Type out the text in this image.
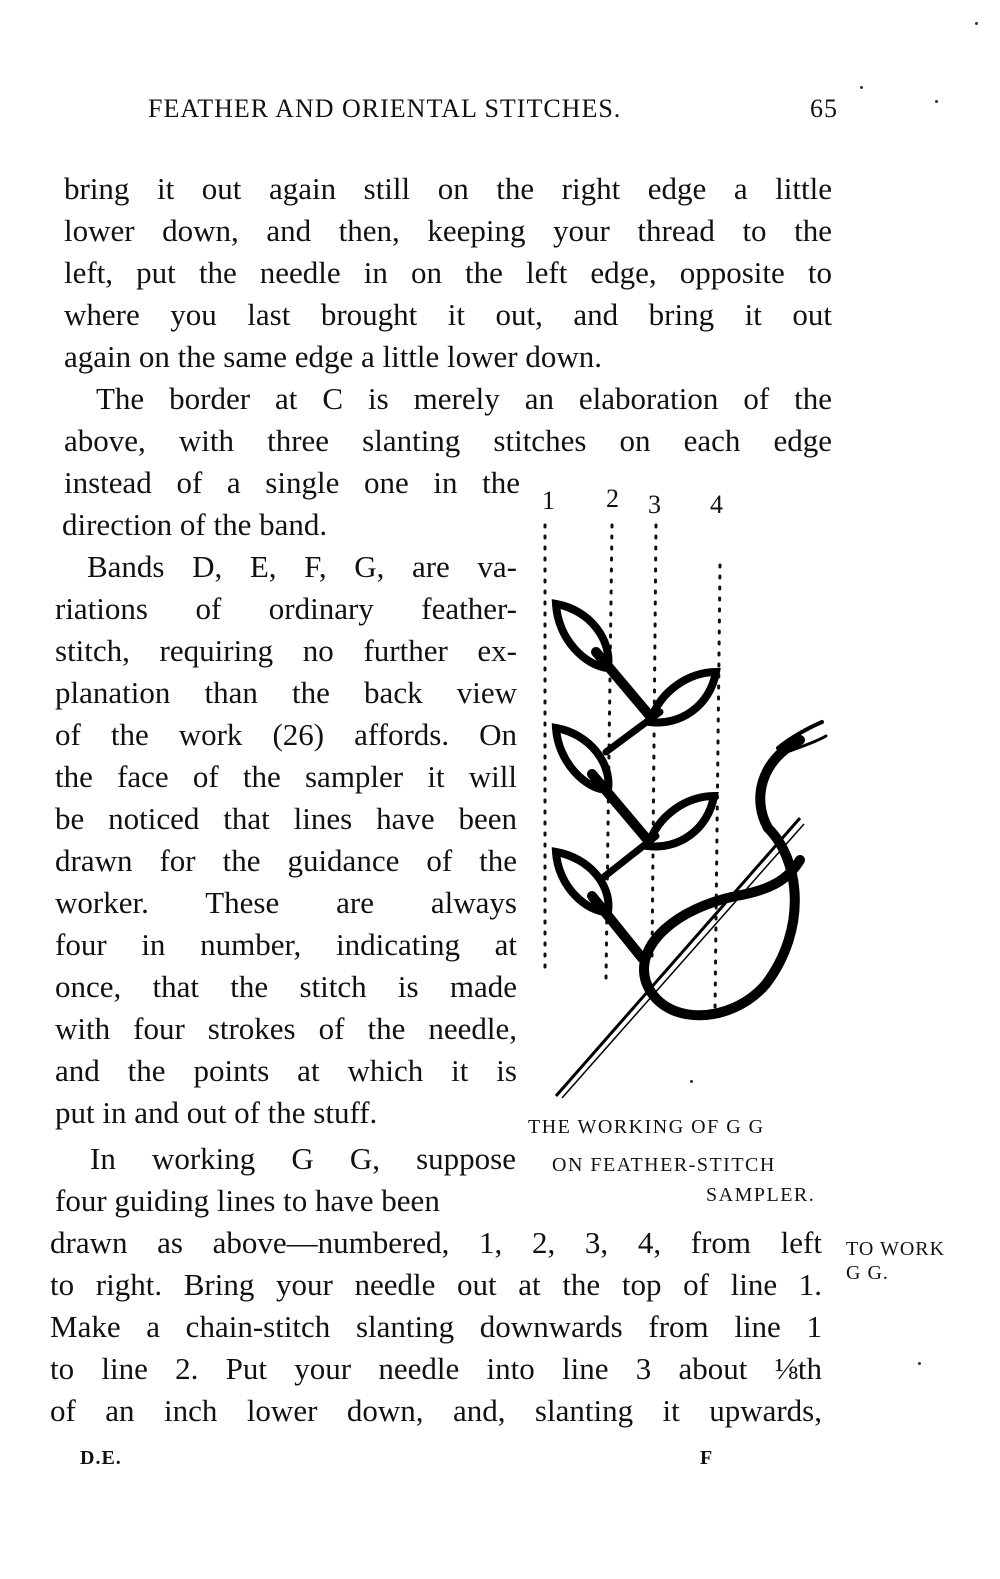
FEATHER AND ORIENTAL STITCHES.	65
bring it out again still on the right edge a little
lower down, and then, keeping your thread to the
left, put the needle in on the left edge, opposite to
where you last brought it out, and bring it out
again on the same edge a little lower down.
The border at C is merely an elaboration of the
above, with three slanting stitches on each edge
instead of a single one in the
direction of the band.
Bands D, E, F, G, are va-
riations of ordinary feather-
stitch, requiring no further ex-
planation than the back view
of the work (26) affords. On
the face of the sampler it will
be noticed that lines have been
drawn for the guidance of the
worker. These are always
four in number, indicating at
once, that the stitch is made
with four strokes of the needle,
and the points at which it is
put in and out of the stuff.
In working G G, suppose
four guiding lines to have been
drawn as above—numbered, 1, 2, 3, 4, from left
to right. Bring your needle out at the top of line 1.
Make a chain-stitch slanting downwards from line 1
to line 2. Put your needle into line 3 about ⅛th
of an inch lower down, and, slanting it upwards,
1 2 3 4
THE WORKING OF G G
ON FEATHER-STITCH
SAMPLER.
TO WORK
G G.
D.E.	F
